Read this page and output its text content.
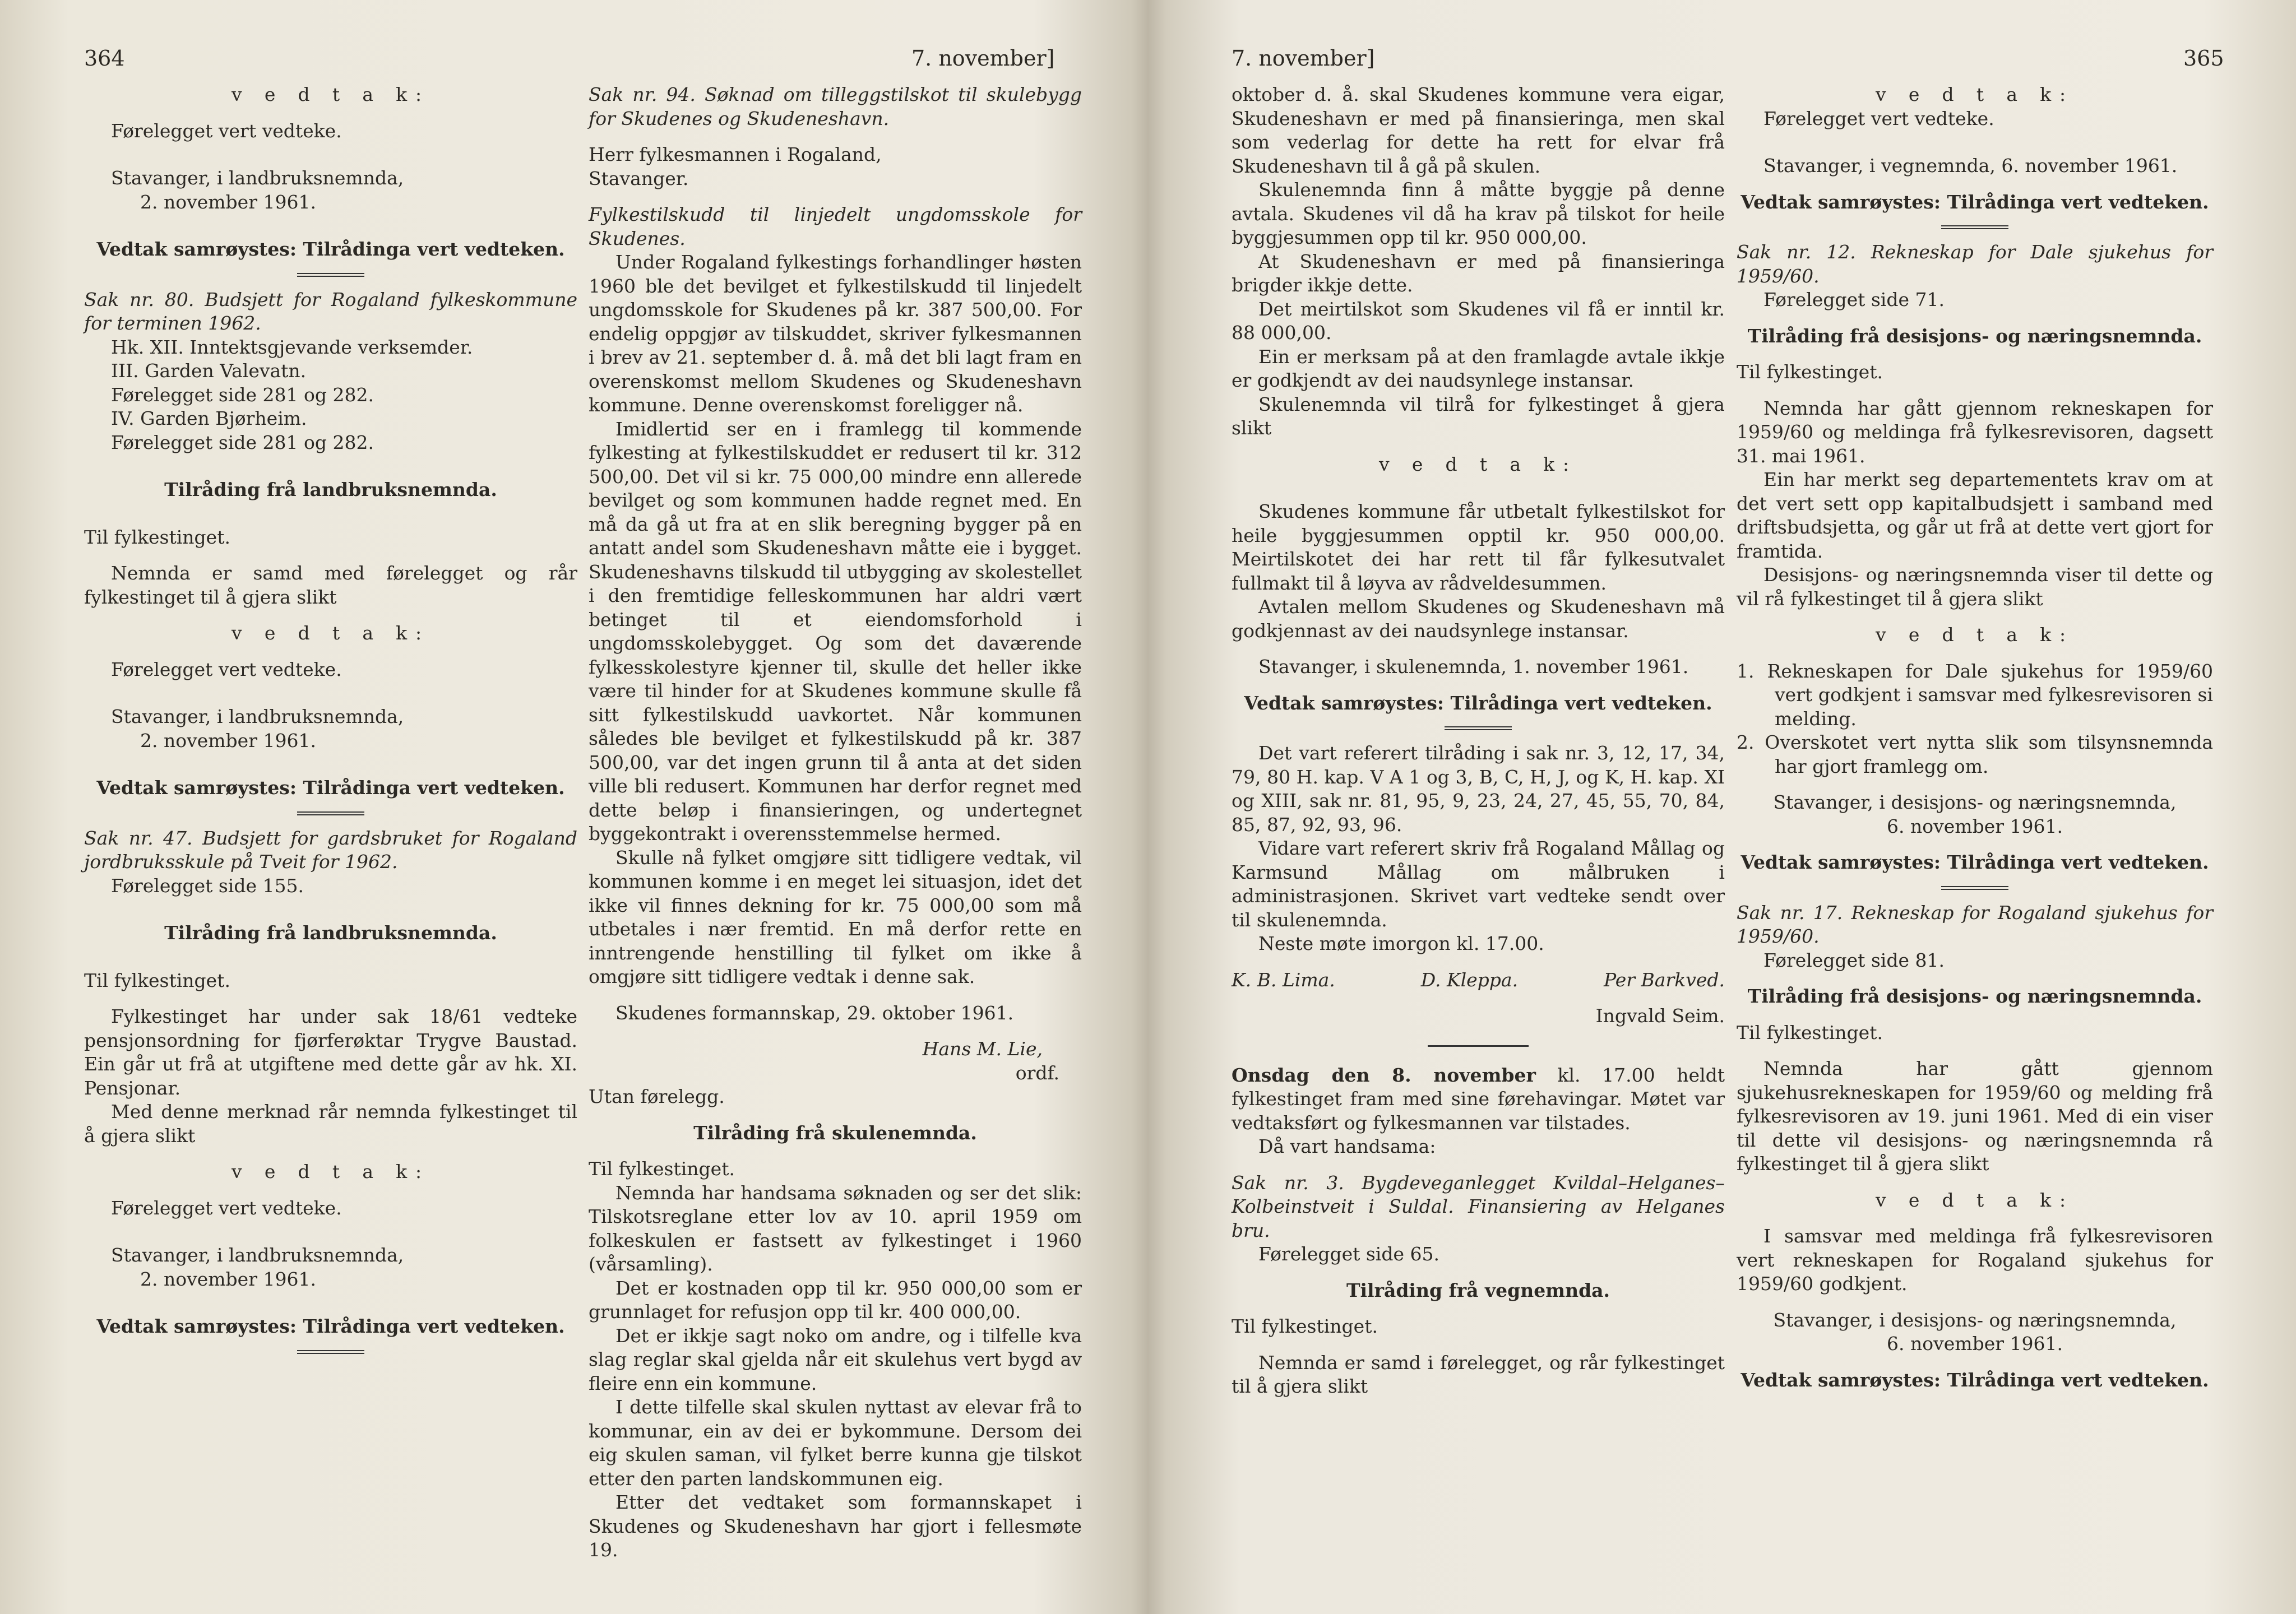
364	7. november]	7. november]	365

v e d t a k:

Førelegget vert vedteke.

Stavanger, i landbruksnemnda,

2. november 1961.

Vedtak samrøystes: Tilrådinga vert vedteken.

Sak nr. 80. Budsjett for Rogaland fylkeskommune for terminen 1962.

Hk. XII. Inntektsgjevande verksemder.

III. Garden Valevatn.

Førelegget side 281 og 282.

IV. Garden Bjørheim.

Førelegget side 281 og 282.

Tilråding frå landbruksnemnda.

Til fylkestinget.

Nemnda er samd med førelegget og rår fylkestinget til å gjera slikt

v e d t a k:

Førelegget vert vedteke.

Stavanger, i landbruksnemnda,

2. november 1961.

Vedtak samrøystes: Tilrådinga vert vedteken.

Sak nr. 47. Budsjett for gardsbruket for Rogaland jordbruksskule på Tveit for 1962.

Førelegget side 155.

Tilråding frå landbruksnemnda.

Til fylkestinget.

Fylkestinget har under sak 18/61 vedteke pensjonsordning for fjørferøktar Trygve Baustad. Ein går ut frå at utgiftene med dette går av hk. XI. Pensjonar.

Med denne merknad rår nemnda fylkestinget til å gjera slikt

v e d t a k:

Førelegget vert vedteke.

Stavanger, i landbruksnemnda,

2. november 1961.

Vedtak samrøystes: Tilrådinga vert vedteken.

Sak nr. 94. Søknad om tilleggstilskot til skulebygg for Skudenes og Skudeneshavn.

Herr fylkesmannen i Rogaland,

Stavanger.

Fylkestilskudd til linjedelt ungdomsskole for Skudenes.

Under Rogaland fylkestings forhandlinger høsten 1960 ble det bevilget et fylkestilskudd til linjedelt ungdomsskole for Skudenes på kr. 387 500,00. For endelig oppgjør av tilskuddet, skriver fylkesmannen i brev av 21. september d. å. må det bli lagt fram en overenskomst mellom Skudenes og Skudeneshavn kommune. Denne overenskomst foreligger nå.

Imidlertid ser en i framlegg til kommende fylkesting at fylkestilskuddet er redusert til kr. 312 500,00. Det vil si kr. 75 000,00 mindre enn allerede bevilget og som kommunen hadde regnet med. En må da gå ut fra at en slik beregning bygger på en antatt andel som Skudeneshavn måtte eie i bygget. Skudeneshavns tilskudd til utbygging av skolestellet i den fremtidige felleskommunen har aldri vært betinget til et eiendomsforhold i ungdomsskolebygget. Og som det daværende fylkesskolestyre kjenner til, skulle det heller ikke være til hinder for at Skudenes kommune skulle få sitt fylkestilskudd uavkortet. Når kommunen således ble bevilget et fylkestilskudd på kr. 387 500,00, var det ingen grunn til å anta at det siden ville bli redusert. Kommunen har derfor regnet med dette beløp i finansieringen, og undertegnet byggekontrakt i overensstemmelse hermed.

Skulle nå fylket omgjøre sitt tidligere vedtak, vil kommunen komme i en meget lei situasjon, idet det ikke vil finnes dekning for kr. 75 000,00 som må utbetales i nær fremtid. En må derfor rette en inntrengende henstilling til fylket om ikke å omgjøre sitt tidligere vedtak i denne sak.

Skudenes formannskap, 29. oktober 1961.

Hans M. Lie,

ordf.

Utan førelegg.

Tilråding frå skulenemnda.

Til fylkestinget.

Nemnda har handsama søknaden og ser det slik: Tilskotsreglane etter lov av 10. april 1959 om folkeskulen er fastsett av fylkestinget i 1960 (vårsamling).

Det er kostnaden opp til kr. 950 000,00 som er grunnlaget for refusjon opp til kr. 400 000,00.

Det er ikkje sagt noko om andre, og i tilfelle kva slag reglar skal gjelda når eit skulehus vert bygd av fleire enn ein kommune.

I dette tilfelle skal skulen nyttast av elevar frå to kommunar, ein av dei er bykommune. Dersom dei eig skulen saman, vil fylket berre kunna gje tilskot etter den parten landskommunen eig.

Etter det vedtaket som formannskapet i Skudenes og Skudeneshavn har gjort i fellesmøte 19.

oktober d. å. skal Skudenes kommune vera eigar, Skudeneshavn er med på finansieringa, men skal som vederlag for dette ha rett for elvar frå Skudeneshavn til å gå på skulen.

Skulenemnda finn å måtte byggje på denne avtala. Skudenes vil då ha krav på tilskot for heile byggjesummen opp til kr. 950 000,00.

At Skudeneshavn er med på finansieringa brigder ikkje dette.

Det meirtilskot som Skudenes vil få er inntil kr. 88 000,00.

Ein er merksam på at den framlagde avtale ikkje er godkjendt av dei naudsynlege instansar.

Skulenemnda vil tilrå for fylkestinget å gjera slikt

v e d t a k:

Skudenes kommune får utbetalt fylkestilskot for heile byggjesummen opptil kr. 950 000,00. Meirtilskotet dei har rett til får fylkesutvalet fullmakt til å løyva av rådveldesummen.

Avtalen mellom Skudenes og Skudeneshavn må godkjennast av dei naudsynlege instansar.

Stavanger, i skulenemnda, 1. november 1961.

Vedtak samrøystes: Tilrådinga vert vedteken.

Det vart referert tilråding i sak nr. 3, 12, 17, 34, 79, 80 H. kap. V A 1 og 3, B, C, H, J, og K, H. kap. XI og XIII, sak nr. 81, 95, 9, 23, 24, 27, 45, 55, 70, 84, 85, 87, 92, 93, 96.

Vidare vart referert skriv frå Rogaland Mållag og Karmsund Mållag om målbruken i administrasjonen. Skrivet vart vedteke sendt over til skulenemnda.

Neste møte imorgon kl. 17.00.

K. B. Lima.	D. Kleppa.	Per Barkved.

Ingvald Seim.

Onsdag den 8. november kl. 17.00 heldt fylkestinget fram med sine førehavingar. Møtet var vedtaksført og fylkesmannen var tilstades.

Då vart handsama:

Sak nr. 3. Bygdeveganlegget Kvildal–Helganes–Kolbeinstveit i Suldal. Finansiering av Helganes bru.

Førelegget side 65.

Tilråding frå vegnemnda.

Til fylkestinget.

Nemnda er samd i førelegget, og rår fylkestinget til å gjera slikt

v e d t a k:

Førelegget vert vedteke.

Stavanger, i vegnemnda, 6. november 1961.

Vedtak samrøystes: Tilrådinga vert vedteken.

Sak nr. 12. Rekneskap for Dale sjukehus for 1959/60.

Førelegget side 71.

Tilråding frå desisjons- og næringsnemnda.

Til fylkestinget.

Nemnda har gått gjennom rekneskapen for 1959/60 og meldinga frå fylkesrevisoren, dagsett 31. mai 1961.

Ein har merkt seg departementets krav om at det vert sett opp kapitalbudsjett i samband med driftsbudsjetta, og går ut frå at dette vert gjort for framtida.

Desisjons- og næringsnemnda viser til dette og vil rå fylkestinget til å gjera slikt

v e d t a k:

1. Rekneskapen for Dale sjukehus for 1959/60 vert godkjent i samsvar med fylkesrevisoren si melding.

2. Overskotet vert nytta slik som tilsynsnemnda har gjort framlegg om.

Stavanger, i desisjons- og næringsnemnda,

6. november 1961.

Vedtak samrøystes: Tilrådinga vert vedteken.

Sak nr. 17. Rekneskap for Rogaland sjukehus for 1959/60.

Førelegget side 81.

Tilråding frå desisjons- og næringsnemnda.

Til fylkestinget.

Nemnda har gått gjennom sjukehusrekneskapen for 1959/60 og melding frå fylkesrevisoren av 19. juni 1961. Med di ein viser til dette vil desisjons- og næringsnemnda rå fylkestinget til å gjera slikt

v e d t a k:

I samsvar med meldinga frå fylkesrevisoren vert rekneskapen for Rogaland sjukehus for 1959/60 godkjent.

Stavanger, i desisjons- og næringsnemnda,

6. november 1961.

Vedtak samrøystes: Tilrådinga vert vedteken.
